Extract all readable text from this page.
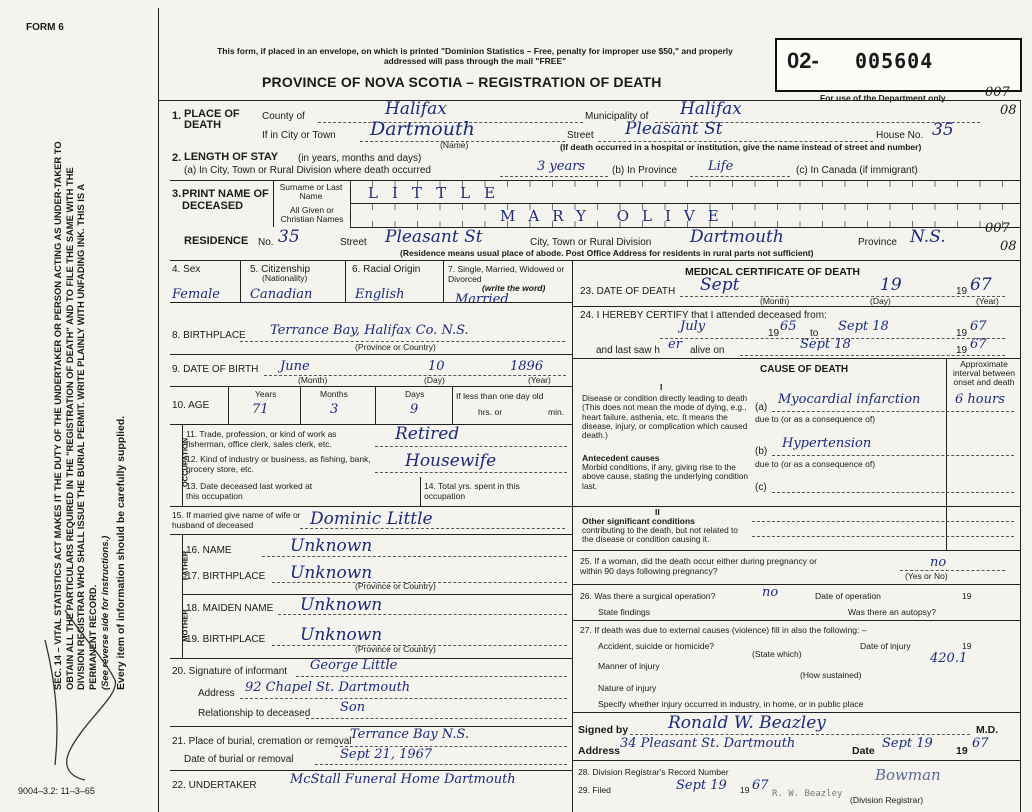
FORM 6
This form, if placed in an envelope, on which is printed "Dominion Statistics – Free, penalty for improper use $50," and properly addressed will pass through the mail "FREE"
PROVINCE OF NOVA SCOTIA – REGISTRATION OF DEATH
02- 005604
For use of the Department only	007
08
007
08
SEC. 14 – VITAL STATISTICS ACT MAKES IT THE DUTY OF THE UNDERTAKER OR PERSON ACTING AS UNDER-TAKER TO OBTAIN ALL THE PARTICULARS REQUIRED IN THE "REGISTRATION OF DEATH" AND TO FILE THE SAME WITH THE DIVISION REGISTRAR WHO SHALL ISSUE THE BURIAL PERMIT. WRITE PLAINLY WITH UNFADING INK. THIS IS A PERMANENT RECORD. (See reverse side for instructions.) Every item of information should be carefully supplied.
9004–3.2: 11–3–65
1. PLACE OF DEATH
County of	Halifax	Municipality of Halifax
If in City or Town Dartmouth
(Name)
Street Pleasant St	House No. 35
(If death occurred in a hospital or institution, give the name instead of street and number)
2. LENGTH OF STAY (in years, months and days)
(a) In City, Town or Rural Division where death occurred	3 years	(b) In Province Life	(c) In Canada (if immigrant)
3. PRINT NAME OF DECEASED
Surname or Last Name
All Given or Christian Names
LITTLE
MARY OLIVE
RESIDENCE No. 35	Street Pleasant St	City, Town or Rural Division Dartmouth	Province N.S.
(Residence means usual place of abode. Post Office Address for residents in rural parts not sufficient)
4. Sex	5. Citizenship
(Nationality)
6. Racial Origin	7. Single, Married, Widowed or Divorced
(write the word)
Female Canadian	English	Married
8. BIRTHPLACE Terrance Bay, Halifax Co. N.S.
(Province or Country)
9. DATE OF BIRTH June	10	1896
(Month)	(Day)	(Year)
10. AGE
Years	Months	Days	If less than one day old
hrs. or	min.
71	3	9
OCCUPATION
11. Trade, profession, or kind of work as fisherman, office clerk, sales clerk, etc.	Retired
12. Kind of industry or business, as fishing, bank, grocery store, etc.	Housewife
13. Date deceased last worked at this occupation
14. Total yrs. spent in this occupation
15. If married give name of wife or husband of deceased	Dominic Little
FATHER
16. NAME	Unknown
17. BIRTHPLACE Unknown
(Province or Country)
MOTHER
18. MAIDEN NAME Unknown
19. BIRTHPLACE Unknown
(Province or Country)
20. Signature of informant George Little
Address 92 Chapel St. Dartmouth
Relationship to deceased Son
21. Place of burial, cremation or removal
Terrance Bay N.S.
Date of burial or removal	Sept 21, 1967
22. UNDERTAKER	McStall Funeral Home Dartmouth
MEDICAL CERTIFICATE OF DEATH
23. DATE OF DEATH Sept	19	19 67
(Month)	(Day)	(Year)
24. I HEREBY CERTIFY that I attended deceased from:
July	19 65 to Sept 18	19 67
and last saw h er alive on	Sept 18	19 67
CAUSE OF DEATH	Approximate interval between onset and death
I
Disease or condition directly leading to death (This does not mean the mode of dying, e.g., heart failure, asthenia, etc. It means the disease, injury, or complication which caused death.)
(a)
Myocardial infarction	6 hours
due to (or as a consequence of)
Antecedent causes
Morbid conditions, if any, giving rise to the above cause, stating the underlying condition last.
(b)
Hypertension
due to (or as a consequence of)
(c)
II
Other significant conditions
contributing to the death, but not related to the disease or condition causing it.
25. If a woman, did the death occur either during pregnancy or within 90 days following pregnancy?
no
(Yes or No)
26. Was there a surgical operation?	no	Date of operation	19
State findings	Was there an autopsy?
27. If death was due to external causes (violence) fill in also the following: –
Accident, suicide or homicide?
(State which)
Date of injury	19
Manner of injury	420.1
(How sustained)
Nature of injury
Specify whether injury occurred in industry, in home, or in public place
Signed by Ronald W. Beazley	M.D.
Address 34 Pleasant St. Dartmouth	Date Sept 19 19 67
28. Division Registrar's Record Number
29. Filed	Sept 19 19 67
R. W. Beazley
Bowman
(Division Registrar)
